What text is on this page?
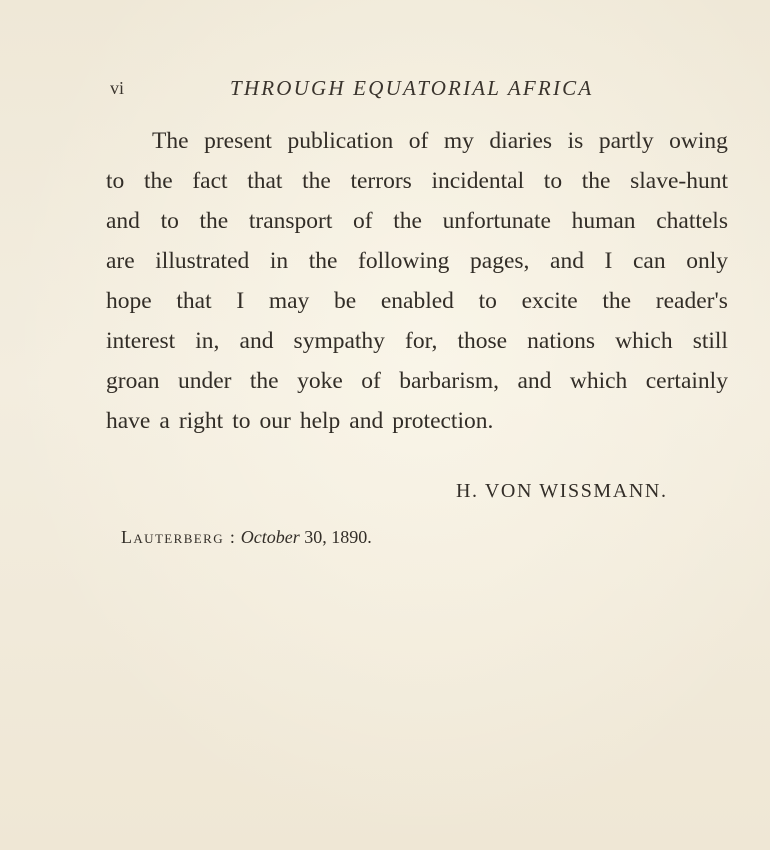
vi	THROUGH EQUATORIAL AFRICA
The present publication of my diaries is partly owing
to the fact that the terrors incidental to the slave-hunt
and to the transport of the unfortunate human chattels
are illustrated in the following pages, and I can only
hope that I may be enabled to excite the reader's
interest in, and sympathy for, those nations which still
groan under the yoke of barbarism, and which certainly
have a right to our help and protection.
H. VON WISSMANN.
Lauterberg : October 30, 1890.
